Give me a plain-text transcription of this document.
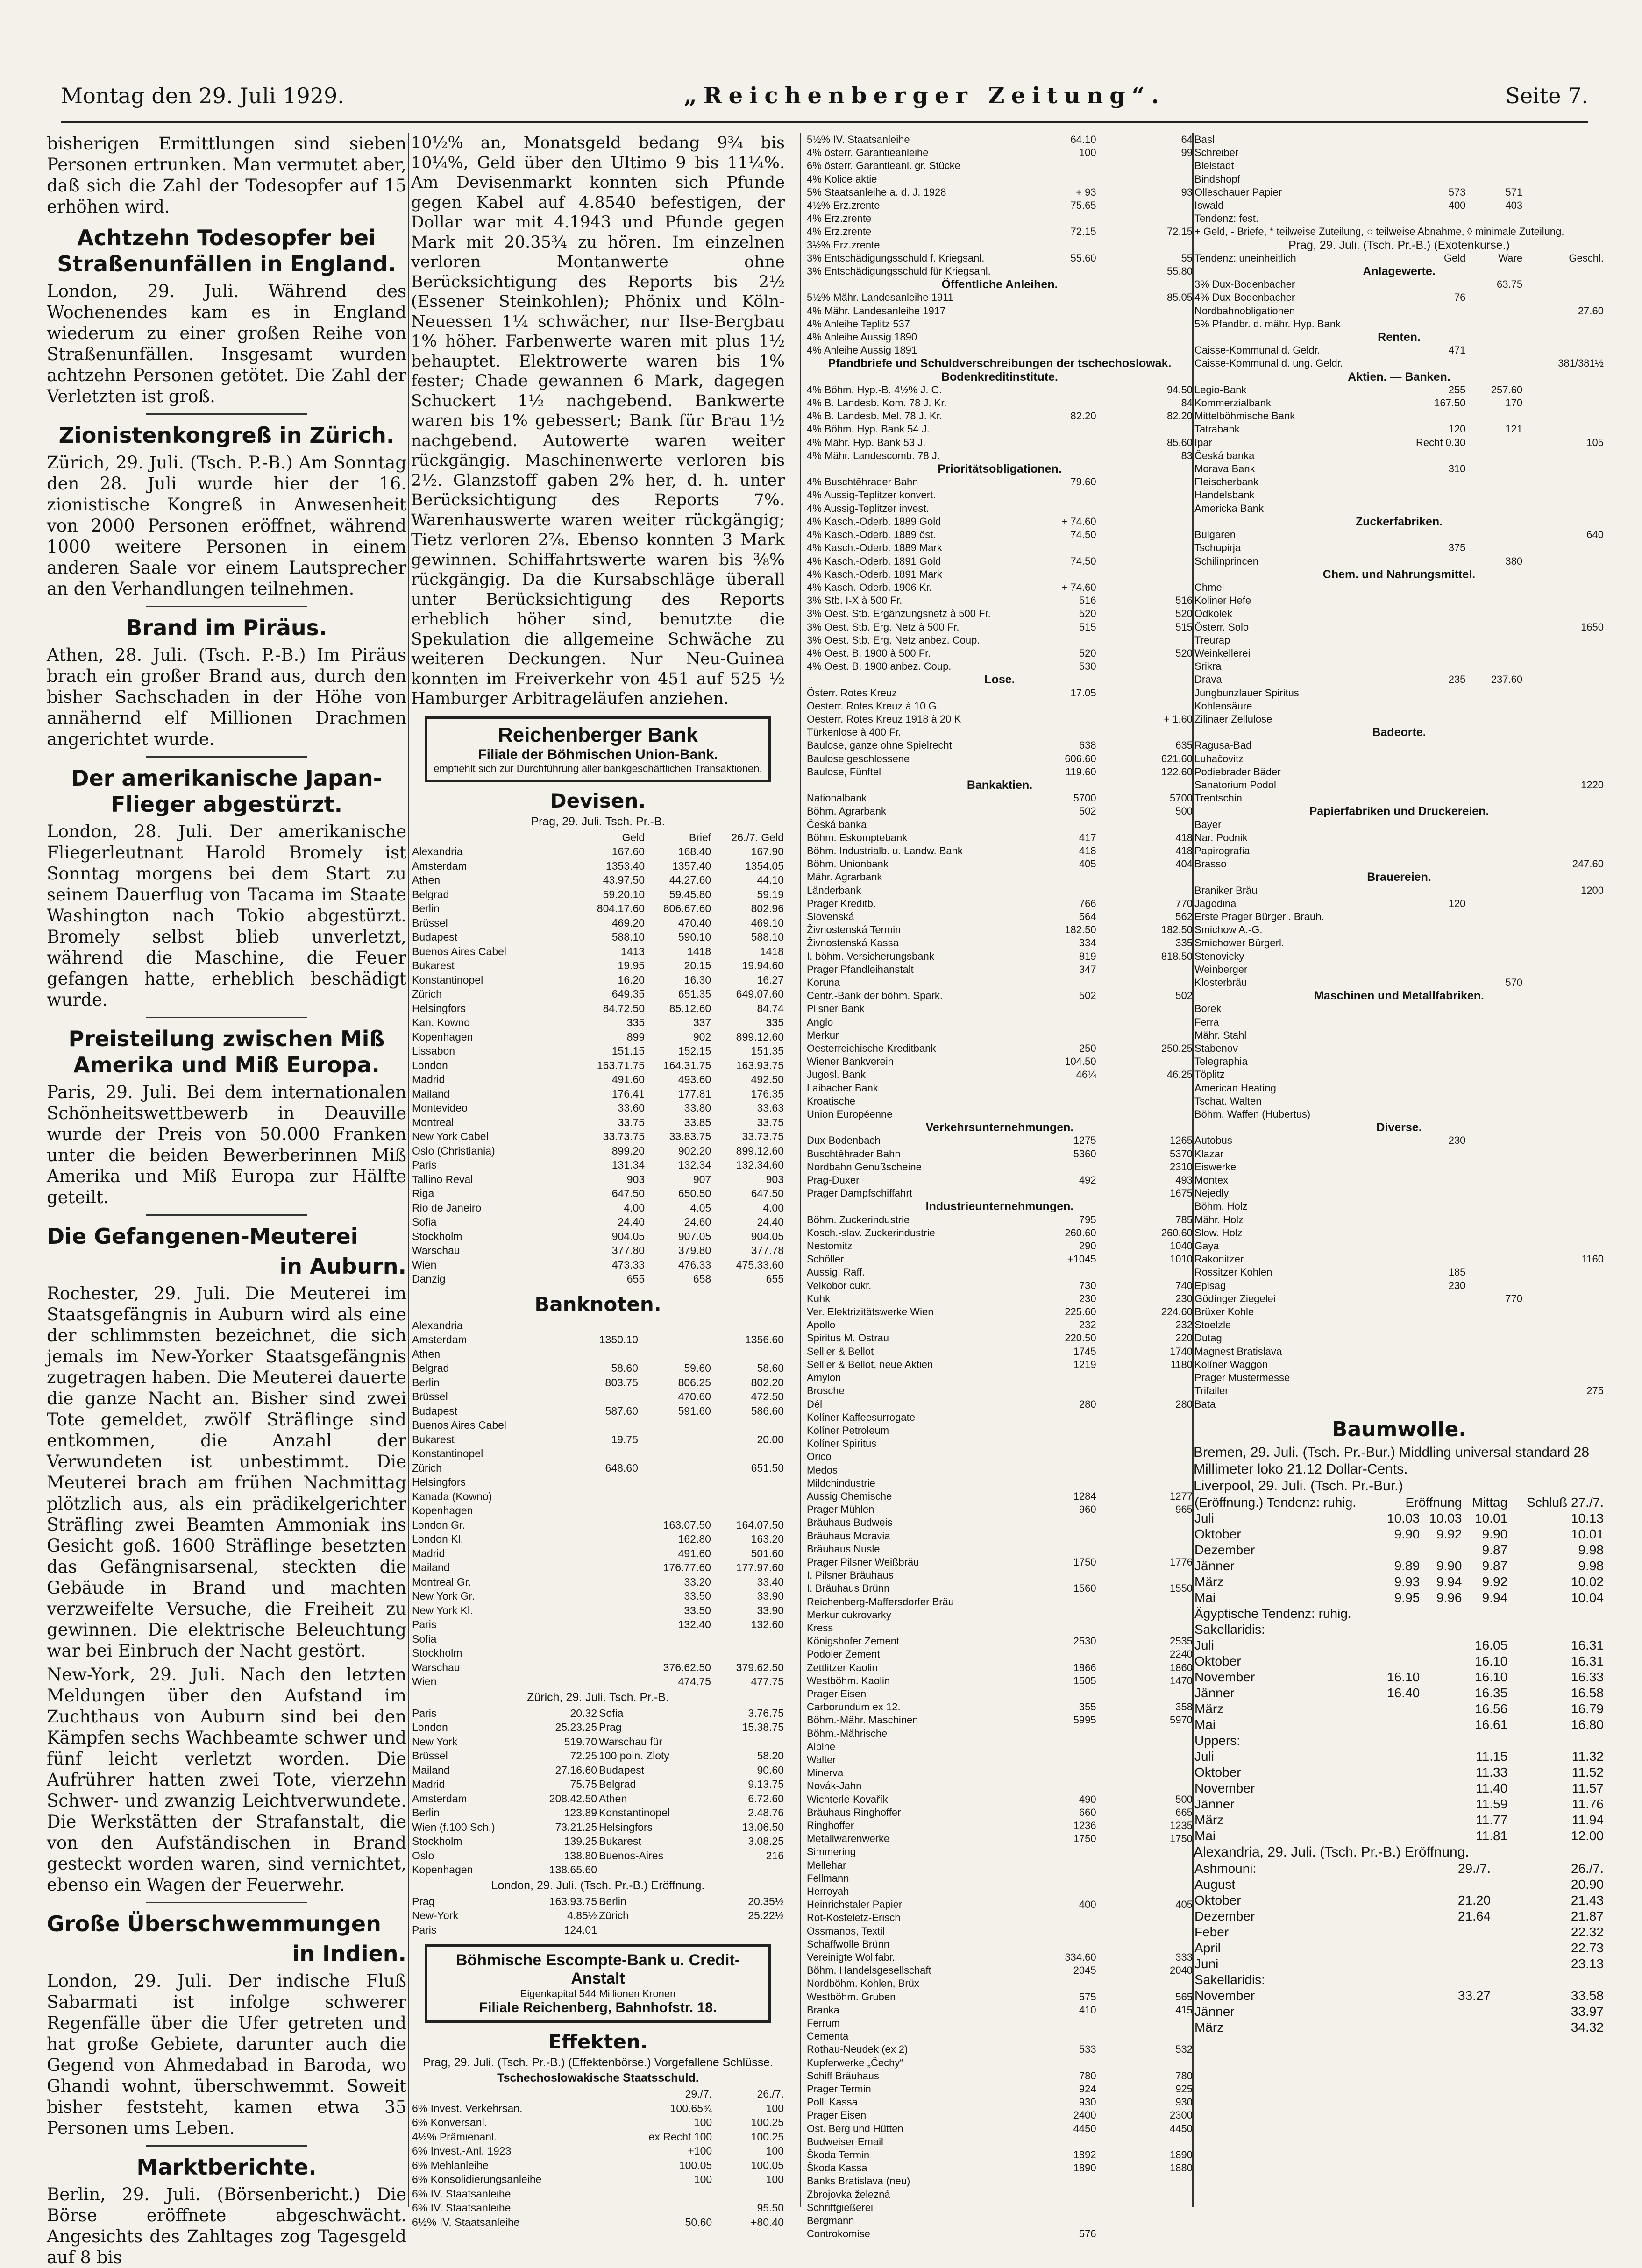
Montag den 29. Juli 1929.	„Reichenberger Zeitung“.	Seite 7.

bisherigen Ermittlungen sind sieben Personen ertrunken. Man vermutet aber, daß sich die Zahl der Todesopfer auf 15 erhöhen wird.

Achtzehn Todesopfer bei Straßenunfällen in England.

London, 29. Juli. Während des Wochenendes kam es in England wiederum zu einer großen Reihe von Straßenunfällen. Insgesamt wurden achtzehn Personen getötet. Die Zahl der Verletzten ist groß.

Zionistenkongreß in Zürich.

Zürich, 29. Juli. (Tsch. P.-B.) Am Sonntag den 28. Juli wurde hier der 16. zionistische Kongreß in Anwesenheit von 2000 Personen eröffnet, während 1000 weitere Personen in einem anderen Saale vor einem Lautsprecher an den Verhandlungen teilnehmen.

Brand im Piräus.

Athen, 28. Juli. (Tsch. P.-B.) Im Piräus brach ein großer Brand aus, durch den bisher Sachschaden in der Höhe von annähernd elf Millionen Drachmen angerichtet wurde.

Der amerikanische Japan-Flieger abgestürzt.

London, 28. Juli. Der amerikanische Fliegerleutnant Harold Bromely ist Sonntag morgens bei dem Start zu seinem Dauerflug von Tacama im Staate Washington nach Tokio abgestürzt. Bromely selbst blieb unverletzt, während die Maschine, die Feuer gefangen hatte, erheblich beschädigt wurde.

Preisteilung zwischen Miß Amerika und Miß Europa.

Paris, 29. Juli. Bei dem internationalen Schönheitswettbewerb in Deauville wurde der Preis von 50.000 Franken unter die beiden Bewerberinnen Miß Amerika und Miß Europa zur Hälfte geteilt.

Die Gefangenen-Meuterei
in Auburn.

Rochester, 29. Juli. Die Meuterei im Staatsgefängnis in Auburn wird als eine der schlimmsten bezeichnet, die sich jemals im New-Yorker Staatsgefängnis zugetragen haben. Die Meuterei dauerte die ganze Nacht an. Bisher sind zwei Tote gemeldet, zwölf Sträflinge sind entkommen, die Anzahl der Verwundeten ist unbestimmt. Die Meuterei brach am frühen Nachmittag plötzlich aus, als ein prädikelgerichter Sträfling zwei Beamten Ammoniak ins Gesicht goß. 1600 Sträflinge besetzten das Gefängnisarsenal, steckten die Gebäude in Brand und machten verzweifelte Versuche, die Freiheit zu gewinnen. Die elektrische Beleuchtung war bei Einbruch der Nacht gestört.

New-York, 29. Juli. Nach den letzten Meldungen über den Aufstand im Zuchthaus von Auburn sind bei den Kämpfen sechs Wachbeamte schwer und fünf leicht verletzt worden. Die Aufrührer hatten zwei Tote, vierzehn Schwer- und zwanzig Leichtverwundete. Die Werkstätten der Strafanstalt, die von den Aufständischen in Brand gesteckt worden waren, sind vernichtet, ebenso ein Wagen der Feuerwehr.

Große Überschwemmungen
in Indien.

London, 29. Juli. Der indische Fluß Sabarmati ist infolge schwerer Regenfälle über die Ufer getreten und hat große Gebiete, darunter auch die Gegend von Ahmedabad in Baroda, wo Ghandi wohnt, überschwemmt. Soweit bisher feststeht, kamen etwa 35 Personen ums Leben.

Marktberichte.

Berlin, 29. Juli. (Börsenbericht.) Die Börse eröffnete abgeschwächt. Angesichts des Zahltages zog Tagesgeld auf 8 bis

10½% an, Monatsgeld bedang 9¾ bis 10¼%, Geld über den Ultimo 9 bis 11¼%. Am Devisenmarkt konnten sich Pfunde gegen Kabel auf 4.8540 befestigen, der Dollar war mit 4.1943 und Pfunde gegen Mark mit 20.35¾ zu hören. Im einzelnen verloren Montanwerte ohne Berücksichtigung des Reports bis 2½ (Essener Steinkohlen); Phönix und Köln-Neuessen 1¼ schwächer, nur Ilse-Bergbau 1% höher. Farbenwerte waren mit plus 1½ behauptet. Elektrowerte waren bis 1% fester; Chade gewannen 6 Mark, dagegen Schuckert 1½ nachgebend. Bankwerte waren bis 1% gebessert; Bank für Brau 1½ nachgebend. Autowerte waren weiter rückgängig. Maschinenwerte verloren bis 2½. Glanzstoff gaben 2% her, d. h. unter Berücksichtigung des Reports 7%. Warenhauswerte waren weiter rückgängig; Tietz verloren 2⅞. Ebenso konnten 3 Mark gewinnen. Schiffahrtswerte waren bis ⅜% rückgängig. Da die Kursabschläge überall unter Berücksichtigung des Reports erheblich höher sind, benutzte die Spekulation die allgemeine Schwäche zu weiteren Deckungen. Nur Neu-Guinea konnten im Freiverkehr von 451 auf 525 ½ Hamburger Arbitrageläufen anziehen.

Reichenberger Bank
Filiale der Böhmischen Union-Bank.
empfiehlt sich zur Durchführung aller bankgeschäftlichen Transaktionen.
Devisen.
Prag, 29. Juli. Tsch. Pr.-B.
	Geld	Brief	26./7. Geld
Alexandria	167.60	168.40	167.90
Amsterdam	1353.40	1357.40	1354.05
Athen	43.97.50	44.27.60	44.10
Belgrad	59.20.10	59.45.80	59.19
Berlin	804.17.60	806.67.60	802.96
Brüssel	469.20	470.40	469.10
Budapest	588.10	590.10	588.10
Buenos Aires Cabel	1413	1418	1418
Bukarest	19.95	20.15	19.94.60
Konstantinopel	16.20	16.30	16.27
Zürich	649.35	651.35	649.07.60
Helsingfors	84.72.50	85.12.60	84.74
Kan. Kowno	335	337	335
Kopenhagen	899	902	899.12.60
Lissabon	151.15	152.15	151.35
London	163.71.75	164.31.75	163.93.75
Madrid	491.60	493.60	492.50
Mailand	176.41	177.81	176.35
Montevideo	33.60	33.80	33.63
Montreal	33.75	33.85	33.75
New York Cabel	33.73.75	33.83.75	33.73.75
Oslo (Christiania)	899.20	902.20	899.12.60
Paris	131.34	132.34	132.34.60
Tallino Reval	903	907	903
Riga	647.50	650.50	647.50
Rio de Janeiro	4.00	4.05	4.00
Sofia	24.40	24.60	24.40
Stockholm	904.05	907.05	904.05
Warschau	377.80	379.80	377.78
Wien	473.33	476.33	475.33.60
Danzig	655	658	655
Banknoten.
Alexandria			
Amsterdam	1350.10		1356.60
Athen			
Belgrad	58.60	59.60	58.60
Berlin	803.75	806.25	802.20
Brüssel		470.60	472.50
Budapest	587.60	591.60	586.60
Buenos Aires Cabel			
Bukarest	19.75		20.00
Konstantinopel			
Zürich	648.60		651.50
Helsingfors			
Kanada (Kowno)			
Kopenhagen			
London Gr.		163.07.50	164.07.50
London Kl.		162.80	163.20
Madrid		491.60	501.60
Mailand		176.77.60	177.97.60
Montreal Gr.		33.20	33.40
New York Gr.		33.50	33.90
New York Kl.		33.50	33.90
Paris		132.40	132.60
Sofia			
Stockholm			
Warschau		376.62.50	379.62.50
Wien		474.75	477.75
Zürich, 29. Juli. Tsch. Pr.-B.
Paris	20.32	Sofia	3.76.75
London	25.23.25	Prag	15.38.75
New York	519.70	Warschau für	
Brüssel	72.25	100 poln. Zloty	58.20
Mailand	27.16.60	Budapest	90.60
Madrid	75.75	Belgrad	9.13.75
Amsterdam	208.42.50	Athen	6.72.60
Berlin	123.89	Konstantinopel	2.48.76
Wien (f.100 Sch.)	73.21.25	Helsingfors	13.06.50
Stockholm	139.25	Bukarest	3.08.25
Oslo	138.80	Buenos-Aires	216
Kopenhagen	138.65.60		
London, 29. Juli. (Tsch. Pr.-B.) Eröffnung.
Prag	163.93.75	Berlin	20.35½
New-York	4.85½	Zürich	25.22½
Paris	124.01		
Böhmische Escompte-Bank u. Credit-Anstalt
Eigenkapital 544 Millionen Kronen
Filiale Reichenberg, Bahnhofstr. 18.
Effekten.
Prag, 29. Juli. (Tsch. Pr.-B.) (Effektenbörse.) Vorgefallene Schlüsse.
Tschechoslowakische Staatsschuld.
	29./7.	26./7.
6% Invest. Verkehrsan.	100.65¾	100
6% Konversanl.	100	100.25
4½% Prämienanl.	ex Recht 100	100.25
6% Invest.-Anl. 1923	+100	100
6% Mehlanleihe	100.05	100.05
6% Konsolidierungsanleihe	100	100
6% IV. Staatsanleihe		
6% IV. Staatsanleihe		95.50
6½% IV. Staatsanleihe	50.60	+80.40
5½% IV. Staatsanleihe	64.10	64
4% österr. Garantieanleihe	100	99
6% österr. Garantieanl. gr. Stücke		
4% Kolice aktie		
5% Staatsanleihe a. d. J. 1928	+ 93	93
4½% Erz.zrente	75.65	
4% Erz.zrente		
4% Erz.zrente	72.15	72.15
3½% Erz.zrente		
3% Entschädigungsschuld f. Kriegsanl.	55.60	55
3% Entschädigungsschuld für Kriegsanl.		55.80
Öffentliche Anleihen.		
5½% Mähr. Landesanleihe 1911		85.05
4% Mähr. Landesanleihe 1917		
4% Anleihe Teplitz 537		
4% Anleihe Aussig 1890		
4% Anleihe Aussig 1891		
Pfandbriefe und Schuldverschreibungen der tschechoslowak. Bodenkreditinstitute.		
4% Böhm. Hyp.-B. 4½% J. G.		94.50
4% B. Landesb. Kom. 78 J. Kr.		84
4% B. Landesb. Mel. 78 J. Kr.	82.20	82.20
4% Böhm. Hyp. Bank 54 J.		
4% Mähr. Hyp. Bank 53 J.		85.60
4% Mähr. Landescomb. 78 J.		83
Prioritätsobligationen.		
4% Buschtěhrader Bahn	79.60	
4% Aussig-Teplitzer konvert.		
4% Aussig-Teplitzer invest.		
4% Kasch.-Oderb. 1889 Gold	+ 74.60	
4% Kasch.-Oderb. 1889 öst.	74.50	
4% Kasch.-Oderb. 1889 Mark		
4% Kasch.-Oderb. 1891 Gold	74.50	
4% Kasch.-Oderb. 1891 Mark		
4% Kasch.-Oderb. 1906 Kr.	+ 74.60	
3% Stb. I-X à 500 Fr.	516	516
3% Oest. Stb. Ergänzungsnetz à 500 Fr.	520	520
3% Oest. Stb. Erg. Netz à 500 Fr.	515	515
3% Oest. Stb. Erg. Netz anbez. Coup.		
4% Oest. B. 1900 à 500 Fr.	520	520
4% Oest. B. 1900 anbez. Coup.	530	
Lose.		
Österr. Rotes Kreuz	17.05	
Oesterr. Rotes Kreuz à 10 G.		
Oesterr. Rotes Kreuz 1918 à 20 K		+ 1.60
Türkenlose à 400 Fr.		
Baulose, ganze ohne Spielrecht	638	635
Baulose geschlossene	606.60	621.60
Baulose, Fünftel	119.60	122.60
Bankaktien.		
Nationalbank	5700	5700
Böhm. Agrarbank	502	500
Česká banka		
Böhm. Eskomptebank	417	418
Böhm. Industrialb. u. Landw. Bank	418	418
Böhm. Unionbank	405	404
Mähr. Agrarbank		
Länderbank		
Prager Kreditb.	766	770
Slovenská	564	562
Živnostenská Termin	182.50	182.50
Živnostenská Kassa	334	335
I. böhm. Versicherungsbank	819	818.50
Prager Pfandleihanstalt	347	
Koruna		
Centr.-Bank der böhm. Spark.	502	502
Pilsner Bank		
Anglo		
Merkur		
Oesterreichische Kreditbank	250	250.25
Wiener Bankverein	104.50	
Jugosl. Bank	46¼	46.25
Laibacher Bank		
Kroatische		
Union Européenne		
Verkehrsunternehmungen.		
Dux-Bodenbach	1275	1265
Buschtěhrader Bahn	5360	5370
Nordbahn Genußscheine		2310
Prag-Duxer	492	493
Prager Dampfschiffahrt		1675
Industrieunternehmungen.		
Böhm. Zuckerindustrie	795	785
Kosch.-slav. Zuckerindustrie	260.60	260.60
Nestomitz	290	1040
Schöller	+1045	1010
Aussig. Raff.		
Velkobor cukr.	730	740
Kuhk	230	230
Ver. Elektrizitätswerke Wien	225.60	224.60
Apollo	232	232
Spiritus M. Ostrau	220.50	220
Sellier & Bellot	1745	1740
Sellier & Bellot, neue Aktien	1219	1180
Amylon		
Brosche		
Dél	280	280
Kolíner Kaffeesurrogate		
Kolíner Petroleum		
Kolíner Spiritus		
Orico		
Medos		
Mildchindustrie		
Aussig Chemische	1284	1277
Prager Mühlen	960	965
Bräuhaus Budweis		
Bräuhaus Moravia		
Bräuhaus Nusle		
Prager Pilsner Weißbräu	1750	1776
I. Pilsner Bräuhaus		
I. Bräuhaus Brünn	1560	1550
Reichenberg-Maffersdorfer Bräu		
Merkur cukrovarky		
Kress		
Königshofer Zement	2530	2535
Podoler Zement		2240
Zettlitzer Kaolin	1866	1860
Westböhm. Kaolin	1505	1470
Prager Eisen		
Carborundum ex 12.	355	358
Böhm.-Mähr. Maschinen	5995	5970
Böhm.-Mährische		
Alpine		
Walter		
Minerva		
Novák-Jahn		
Wichterle-Kovařík	490	500
Bräuhaus Ringhoffer	660	665
Ringhoffer	1236	1235
Metallwarenwerke	1750	1750
Simmering		
Mellehar		
Fellmann		
Herroyah		
Heinrichstaler Papier	400	405
Rot-Kosteletz-Erisch		
Ossmanos, Textil		
Schaffwolle Brünn		
Vereinigte Wollfabr.	334.60	333
Böhm. Handelsgesellschaft	2045	2040
Nordböhm. Kohlen, Brüx		
Westböhm. Gruben	575	565
Branka	410	415
Ferrum		
Cementa		
Rothau-Neudek (ex 2)	533	532
Kupferwerke „Čechy“		
Schiff Bräuhaus	780	780
Prager Termin	924	925
Polli Kassa	930	930
Prager Eisen	2400	2300
Ost. Berg und Hütten	4450	4450
Budweiser Email		
Škoda Termin	1892	1890
Škoda Kassa	1890	1880
Banks Bratislava (neu)		
Zbrojovka železná		
Schriftgießerei		
Bergmann		
Controkomise	576	
Basl			
Schreiber			
Bleistadt			
Bindshopf			
Olleschauer Papier	573	571	
Iswald	400	403	
Tendenz: fest.			
+ Geld, - Briefe, * teilweise Zuteilung, ○ teilweise Abnahme, ◊ minimale Zuteilung.			
Prag, 29. Juli. (Tsch. Pr.-B.) (Exotenkurse.)			
Tendenz: uneinheitlich	Geld	Ware	Geschl.
Anlagewerte.			
3% Dux-Bodenbacher		63.75	
4% Dux-Bodenbacher	76		
Nordbahnobligationen			27.60
5% Pfandbr. d. mähr. Hyp. Bank			
Renten.			
Caisse-Kommunal d. Geldr.	471		
Caisse-Kommunal d. ung. Geldr.			381/381½
Aktien. — Banken.			
Legio-Bank	255	257.60	
Kommerzialbank	167.50	170	
Mittelböhmische Bank			
Tatrabank	120	121	
Ipar	Recht 0.30		105
Česká banka			
Morava Bank	310		
Fleischerbank			
Handelsbank			
Americka Bank			
Zuckerfabriken.			
Bulgaren			640
Tschupirja	375		
Schilinprincen		380	
Chem. und Nahrungsmittel.			
Chmel			
Koliner Hefe			
Odkolek			
Österr. Solo			1650
Treurap			
Weinkellerei			
Srikra			
Drava	235	237.60	
Jungbunzlauer Spiritus			
Kohlensäure			
Zilinaer Zellulose			
Badeorte.			
Ragusa-Bad			
Luhačovitz			
Podiebrader Bäder			
Sanatorium Podol			1220
Trentschin			
Papierfabriken und Druckereien.			
Bayer			
Nar. Podnik			
Papirografia			
Brasso			247.60
Brauereien.			
Braniker Bräu			1200
Jagodina	120		
Erste Prager Bürgerl. Brauh.			
Smichow A.-G.			
Smichower Bürgerl.			
Stenovicky			
Weinberger			
Klosterbräu		570	
Maschinen und Metallfabriken.			
Borek			
Ferra			
Mähr. Stahl			
Stabenov			
Telegraphia			
Töplitz			
American Heating			
Tschat. Walten			
Böhm. Waffen (Hubertus)			
Diverse.			
Autobus	230		
Klazar			
Eiswerke			
Montex			
Nejedly			
Böhm. Holz			
Mähr. Holz			
Slow. Holz			
Gaya			
Rakonitzer			1160
Rossitzer Kohlen	185		
Episag	230		
Gödinger Ziegelei		770	
Brüxer Kohle			
Stoelzle			
Dutag			
Magnest Bratislava			
Kolíner Waggon			
Prager Mustermesse			
Trifailer			275
Bata			
Baumwolle.
Bremen, 29. Juli. (Tsch. Pr.-Bur.) Middling universal standard 28 Millimeter loko 21.12 Dollar-Cents.
Liverpool, 29. Juli. (Tsch. Pr.-Bur.)
(Eröffnung.) Tendenz: ruhig.	Eröffnung		Mittag	Schluß 27./7.
Juli	10.03	10.03	10.01	10.13
Oktober	9.90	9.92	9.90	10.01
Dezember			9.87	9.98
Jänner	9.89	9.90	9.87	9.98
März	9.93	9.94	9.92	10.02
Mai	9.95	9.96	9.94	10.04
Ägyptische Tendenz: ruhig.				
Sakellaridis:				
Juli			16.05	16.31
Oktober			16.10	16.31
November	16.10		16.10	16.33
Jänner	16.40		16.35	16.58
März			16.56	16.79
Mai			16.61	16.80
Uppers:				
Juli			11.15	11.32
Oktober			11.33	11.52
November			11.40	11.57
Jänner			11.59	11.76
März			11.77	11.94
Mai			11.81	12.00
Alexandria, 29. Juli. (Tsch. Pr.-B.) Eröffnung.
Ashmouni:	29./7.	26./7.
August		20.90
Oktober	21.20	21.43
Dezember	21.64	21.87
Feber		22.32
April		22.73
Juni		23.13
Sakellaridis:		
November	33.27	33.58
Jänner		33.97
März		34.32
